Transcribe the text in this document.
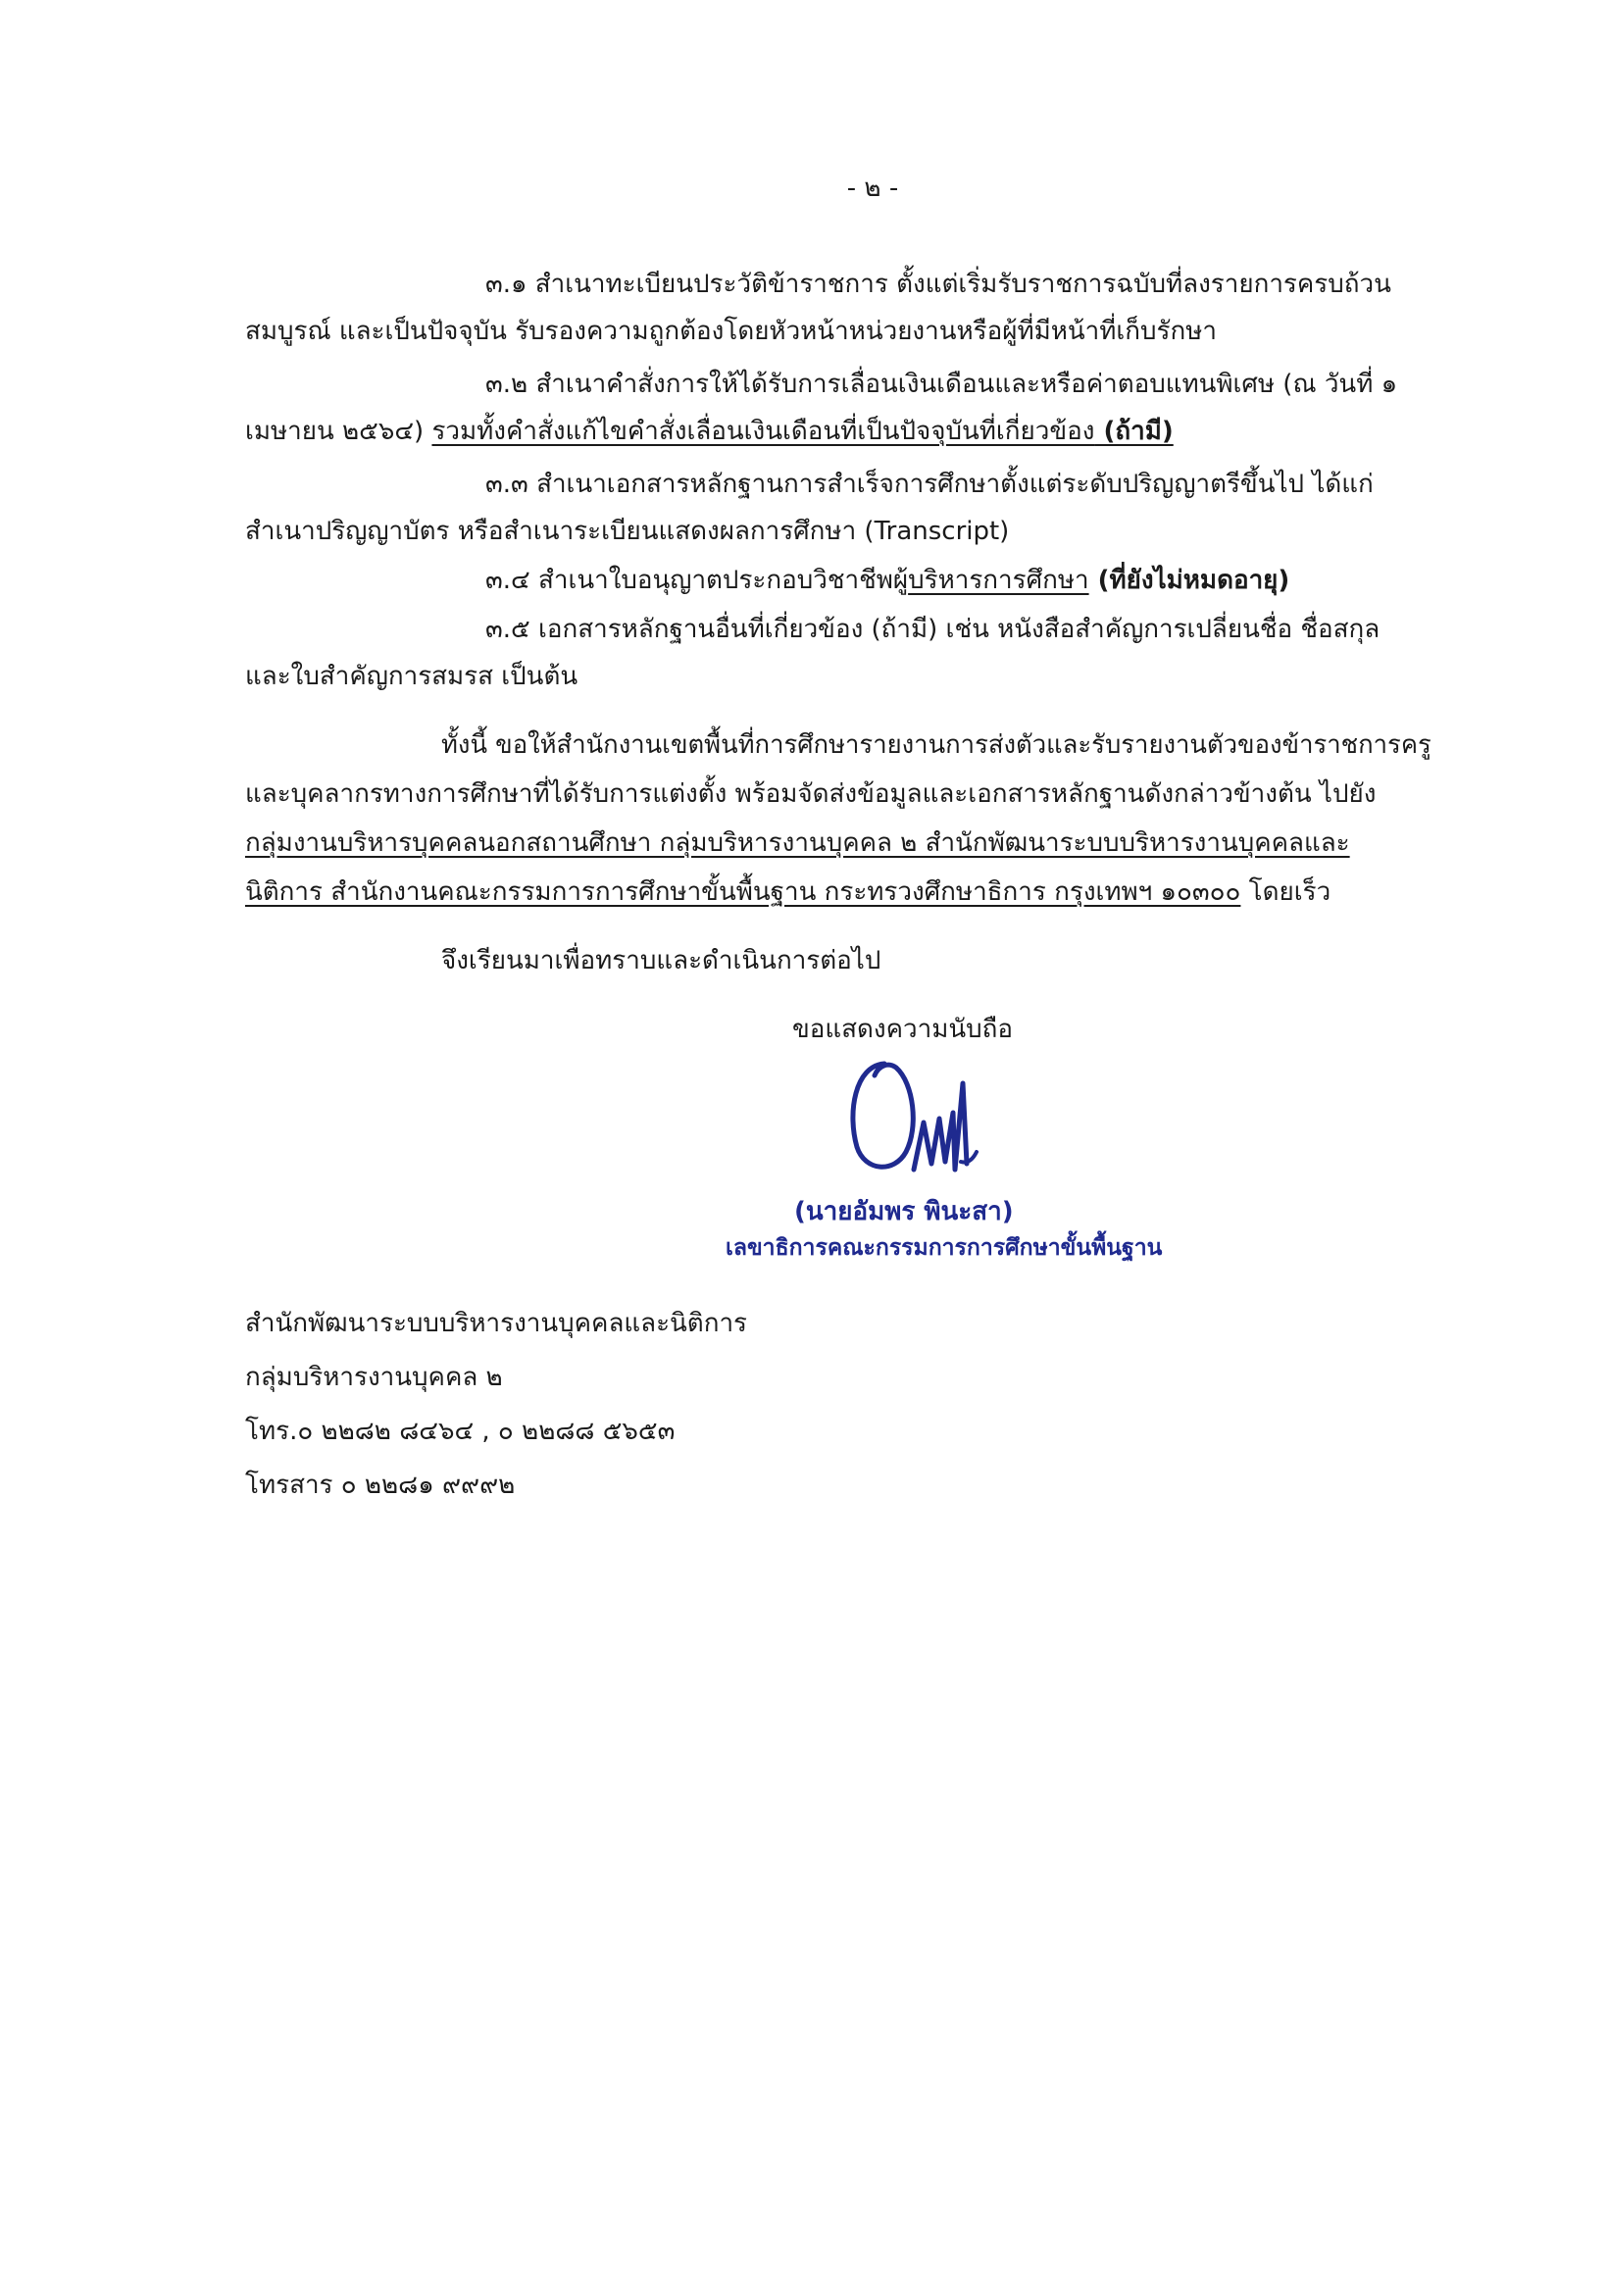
- ๒ -
๓.๑ สำเนาทะเบียนประวัติข้าราชการ ตั้งแต่เริ่มรับราชการฉบับที่ลงรายการครบถ้วน
สมบูรณ์ และเป็นปัจจุบัน รับรองความถูกต้องโดยหัวหน้าหน่วยงานหรือผู้ที่มีหน้าที่เก็บรักษา
๓.๒ สำเนาคำสั่งการให้ได้รับการเลื่อนเงินเดือนและหรือค่าตอบแทนพิเศษ (ณ วันที่ ๑
เมษายน ๒๕๖๔) รวมทั้งคำสั่งแก้ไขคำสั่งเลื่อนเงินเดือนที่เป็นปัจจุบันที่เกี่ยวข้อง (ถ้ามี)
๓.๓ สำเนาเอกสารหลักฐานการสำเร็จการศึกษาตั้งแต่ระดับปริญญาตรีขึ้นไป ได้แก่
สำเนาปริญญาบัตร หรือสำเนาระเบียนแสดงผลการศึกษา (Transcript)
๓.๔ สำเนาใบอนุญาตประกอบวิชาชีพผู้บริหารการศึกษา (ที่ยังไม่หมดอายุ)
๓.๕ เอกสารหลักฐานอื่นที่เกี่ยวข้อง (ถ้ามี) เช่น หนังสือสำคัญการเปลี่ยนชื่อ ชื่อสกุล
และใบสำคัญการสมรส เป็นต้น
ทั้งนี้ ขอให้สำนักงานเขตพื้นที่การศึกษารายงานการส่งตัวและรับรายงานตัวของข้าราชการครู
และบุคลากรทางการศึกษาที่ได้รับการแต่งตั้ง พร้อมจัดส่งข้อมูลและเอกสารหลักฐานดังกล่าวข้างต้น ไปยัง
กลุ่มงานบริหารบุคคลนอกสถานศึกษา กลุ่มบริหารงานบุคคล ๒ สำนักพัฒนาระบบบริหารงานบุคคลและ
นิติการ สำนักงานคณะกรรมการการศึกษาขั้นพื้นฐาน กระทรวงศึกษาธิการ กรุงเทพฯ ๑๐๓๐๐ โดยเร็ว
จึงเรียนมาเพื่อทราบและดำเนินการต่อไป
ขอแสดงความนับถือ
(นายอัมพร พินะสา)
เลขาธิการคณะกรรมการการศึกษาขั้นพื้นฐาน
สำนักพัฒนาระบบบริหารงานบุคคลและนิติการ
กลุ่มบริหารงานบุคคล ๒
โทร.๐ ๒๒๘๒ ๘๔๖๔ , ๐ ๒๒๘๘ ๕๖๕๓
โทรสาร ๐ ๒๒๘๑ ๙๙๙๒
